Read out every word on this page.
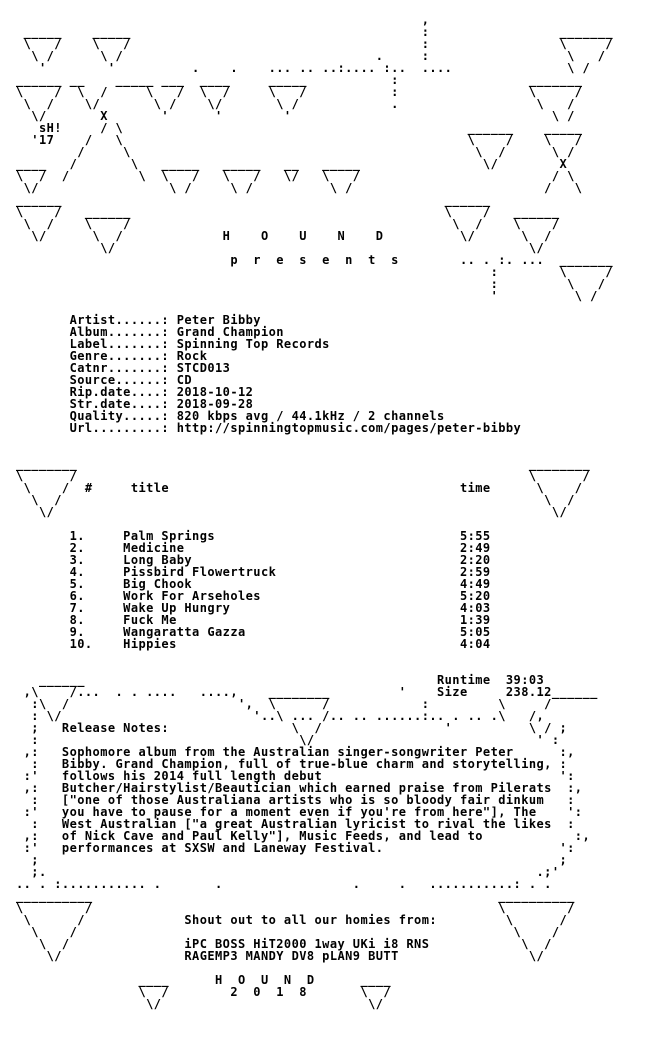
,
_____    _____                                      :                 _______
\   /    \   /                                      :                 \     /
\ /      \ /                                 .     :                  \   /
'        '          .    .    ... .. ..:.... :..  ....               \ /
______ __    _____ ___  ____     _____           :                 _______
\    /  \  /     \   /  \  /     \   /           :                 \     /
\  /    \/       \ /    \/       \ /            .                  \   /
\/       X       '      '        '                                  \ /
sH!     / \                                             ______    _____
'17    /   \                                             \    /    \   /
/     \                                             \  /      \ /
____   /       \   _____   _____   __   _____                \/        X
\  /  /         \  \   /   \   /   \/   \   /                         / \
\/                 \ /     \ /          \ /                         /   \
______                                                  ______
\    /   ______                                         \    /   ______
\  /    \    /                                          \  /    \    /
\/      \  /             H    O    U    N    D          \/      \  /
\/                                                      \/
p  r  e  s  e  n  t  s        .. . :. ...  _______
:        \     /
:         \   /
'          \ /

Artist......: Peter Bibby
Album.......: Grand Champion
Label.......: Spinning Top Records
Genre.......: Rock
Catnr.......: STCD013
Source......: CD
Rip.date....: 2018-10-12
Str.date....: 2018-09-28
Quality.....: 820 kbps avg / 44.1kHz / 2 channels
Url.........: http://spinningtopmusic.com/pages/peter-bibby

________                                                           ________
\      /                                                           \      /
\    /  #     title                                      time      \    /
\  /                                                               \  /
\/                                                                 \/

1.     Palm Springs                                5:55
2.     Medicine                                    2:49
3.     Long Baby                                   2:20
4.     Pissbird Flowertruck                        2:59
5.     Big Chook                                   4:49
6.     Work For Arseholes                          5:20
7.     Wake Up Hungry                              4:03
8.     Fuck Me                                     1:39
9.     Wangaratta Gazza                            5:05
10.    Hippies                                     4:04

______                                              Runtime  39:03
,\    /...  . . ....   ....,    ________         '    Size     238.12______
:\  /                      ',  \      /            :         \     /
: \/                         '..\ ... /.. .. ......:.. . .. .\   /,
;   Release Notes:                \  /                '          \ / ;
:                                  \/                             ' :
,:   Sophomore album from the Australian singer-songwriter Peter      :,
:   Bibby. Grand Champion, full of true-blue charm and storytelling, :
:'   follows his 2014 full length debut                               ':
,:   Butcher/Hairstylist/Beautician which earned praise from Pilerats  :,
:   ["one of those Australiana artists who is so bloody fair dinkum   :
:'   you have to pause for a moment even if you're from here"], The    ':
:   West Australian ["a great Australian lyricist to rival the likes  :
,:   of Nick Cave and Paul Kelly"], Music Feeds, and lead to            :,
:'   performances at SXSW and Laneway Festival.                       ':
;                                                                    ;
;.                                                                .;'
.. . :........... .       .                 .     .   ...........: . .
__________                                                     __________
\        /                                                     \        /
\      /             Shout out to all our homies from:         \      /
\    /                                                         \    /
\  /               iPC BOSS HiT2000 1way UKi i8 RNS            \  /
\/                RAGEMP3 MANDY DV8 pLAN9 BUTT                 \/

____      H  O  U  N  D      ____
\  /        2  0  1  8       \  /
\/                           \/
